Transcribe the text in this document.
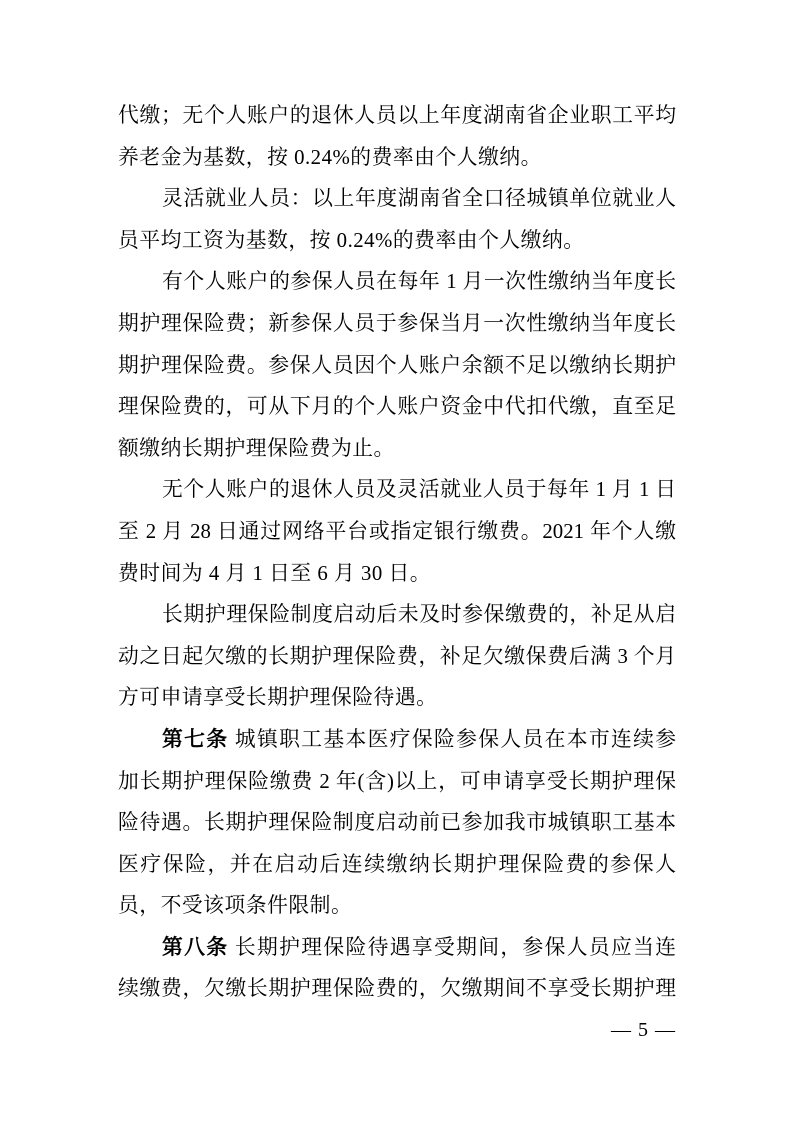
代缴；无个人账户的退休人员以上年度湖南省企业职工平均
养老金为基数，按 0.24%的费率由个人缴纳。
灵活就业人员：以上年度湖南省全口径城镇单位就业人
员平均工资为基数，按 0.24%的费率由个人缴纳。
有个人账户的参保人员在每年 1 月一次性缴纳当年度长
期护理保险费；新参保人员于参保当月一次性缴纳当年度长
期护理保险费。参保人员因个人账户余额不足以缴纳长期护
理保险费的，可从下月的个人账户资金中代扣代缴，直至足
额缴纳长期护理保险费为止。
无个人账户的退休人员及灵活就业人员于每年 1 月 1 日
至 2 月 28 日通过网络平台或指定银行缴费。2021 年个人缴
费时间为 4 月 1 日至 6 月 30 日。
长期护理保险制度启动后未及时参保缴费的，补足从启
动之日起欠缴的长期护理保险费，补足欠缴保费后满 3 个月
方可申请享受长期护理保险待遇。
第七条 城镇职工基本医疗保险参保人员在本市连续参
加长期护理保险缴费 2 年(含)以上，可申请享受长期护理保
险待遇。长期护理保险制度启动前已参加我市城镇职工基本
医疗保险，并在启动后连续缴纳长期护理保险费的参保人
员，不受该项条件限制。
第八条 长期护理保险待遇享受期间，参保人员应当连
续缴费，欠缴长期护理保险费的，欠缴期间不享受长期护理
— 5 —
